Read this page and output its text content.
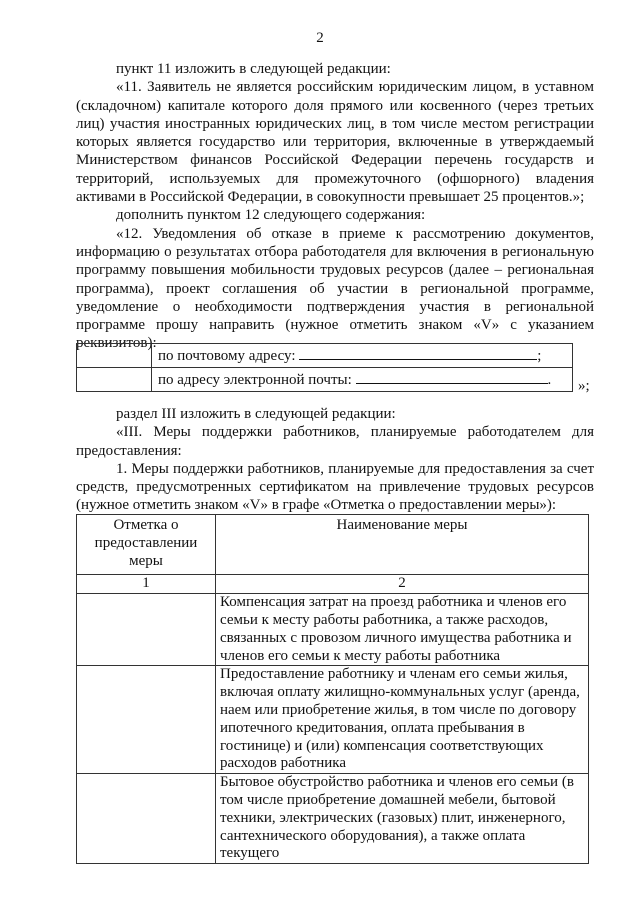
2

пункт 11 изложить в следующей редакции:

«11. Заявитель не является российским юридическим лицом, в уставном (складочном) капитале которого доля прямого или косвенного (через третьих лиц) участия иностранных юридических лиц, в том числе местом регистрации которых является государство или территория, включенные в утверждаемый Министерством финансов Российской Федерации перечень государств и территорий, используемых для промежуточного (офшорного) владения активами в Российской Федерации, в совокупности превышает 25 процентов.»;

дополнить пунктом 12 следующего содержания:

«12. Уведомления об отказе в приеме к рассмотрению документов, информацию о результатах отбора работодателя для включения в региональную программу повышения мобильности трудовых ресурсов (далее – региональная программа), проект соглашения об участии в региональной программе, уведомление о необходимости подтверждения участия в региональной программе прошу направить (нужное отметить знаком «V» с указанием реквизитов):

	по почтовому адресу: ;
	по адресу электронной почты: . »;

раздел III изложить в следующей редакции:

«III. Меры поддержки работников, планируемые работодателем для предоставления:

1. Меры поддержки работников, планируемые для предоставления за счет средств, предусмотренных сертификатом на привлечение трудовых ресурсов (нужное отметить знаком «V» в графе «Отметка о предоставлении меры»):

Отметка о предоставлении меры	Наименование меры
1	2
	Компенсация затрат на проезд работника и членов его семьи к месту работы работника, а также расходов, связанных с провозом личного имущества работника и членов его семьи к месту работы работника
	Предоставление работнику и членам его семьи жилья, включая оплату жилищно-коммунальных услуг (аренда, наем или приобретение жилья, в том числе по договору ипотечного кредитования, оплата пребывания в гостинице) и (или) компенсация соответствующих расходов работника
	Бытовое обустройство работника и членов его семьи (в том числе приобретение домашней мебели, бытовой техники, электрических (газовых) плит, инженерного, сантехнического оборудования), а также оплата текущего
